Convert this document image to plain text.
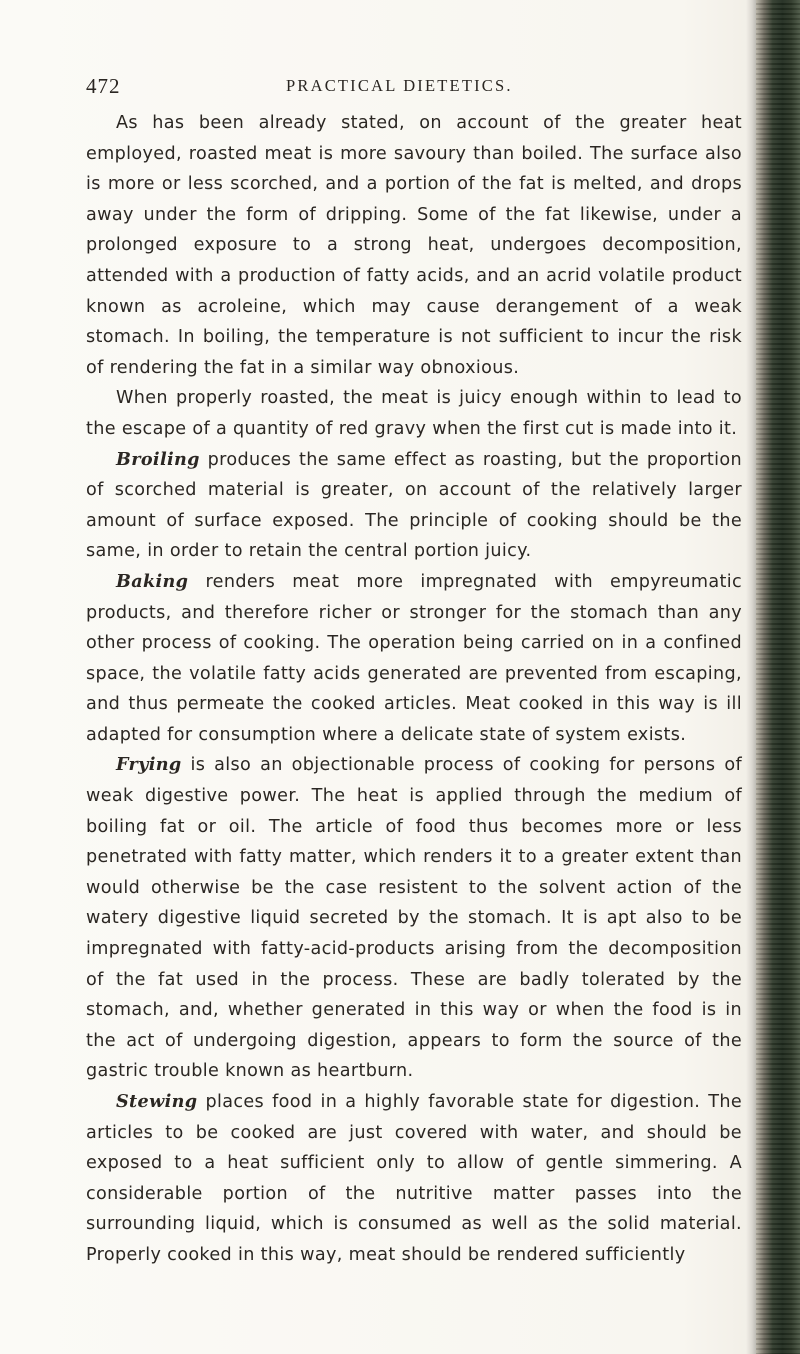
472	PRACTICAL DIETETICS.

As has been already stated, on account of the greater heat employed, roasted meat is more savoury than boiled. The surface also is more or less scorched, and a portion of the fat is melted, and drops away under the form of dripping. Some of the fat likewise, under a prolonged exposure to a strong heat, undergoes decomposition, attended with a production of fatty acids, and an acrid volatile product known as acroleine, which may cause derangement of a weak stomach. In boiling, the temperature is not sufficient to incur the risk of rendering the fat in a similar way obnoxious.

When properly roasted, the meat is juicy enough within to lead to the escape of a quantity of red gravy when the first cut is made into it.

Broiling produces the same effect as roasting, but the proportion of scorched material is greater, on account of the relatively larger amount of surface exposed. The principle of cooking should be the same, in order to retain the central portion juicy.

Baking renders meat more impregnated with empyreumatic products, and therefore richer or stronger for the stomach than any other process of cooking. The operation being carried on in a confined space, the volatile fatty acids generated are prevented from escaping, and thus permeate the cooked articles. Meat cooked in this way is ill adapted for consumption where a delicate state of system exists.

Frying is also an objectionable process of cooking for persons of weak digestive power. The heat is applied through the medium of boiling fat or oil. The article of food thus becomes more or less penetrated with fatty matter, which renders it to a greater extent than would otherwise be the case resistent to the solvent action of the watery digestive liquid secreted by the stomach. It is apt also to be impregnated with fatty-acid-products arising from the decomposition of the fat used in the process. These are badly tolerated by the stomach, and, whether generated in this way or when the food is in the act of undergoing digestion, appears to form the source of the gastric trouble known as heartburn.

Stewing places food in a highly favorable state for digestion. The articles to be cooked are just covered with water, and should be exposed to a heat sufficient only to allow of gentle simmering. A considerable portion of the nutritive matter passes into the surrounding liquid, which is consumed as well as the solid material. Properly cooked in this way, meat should be rendered sufficiently
